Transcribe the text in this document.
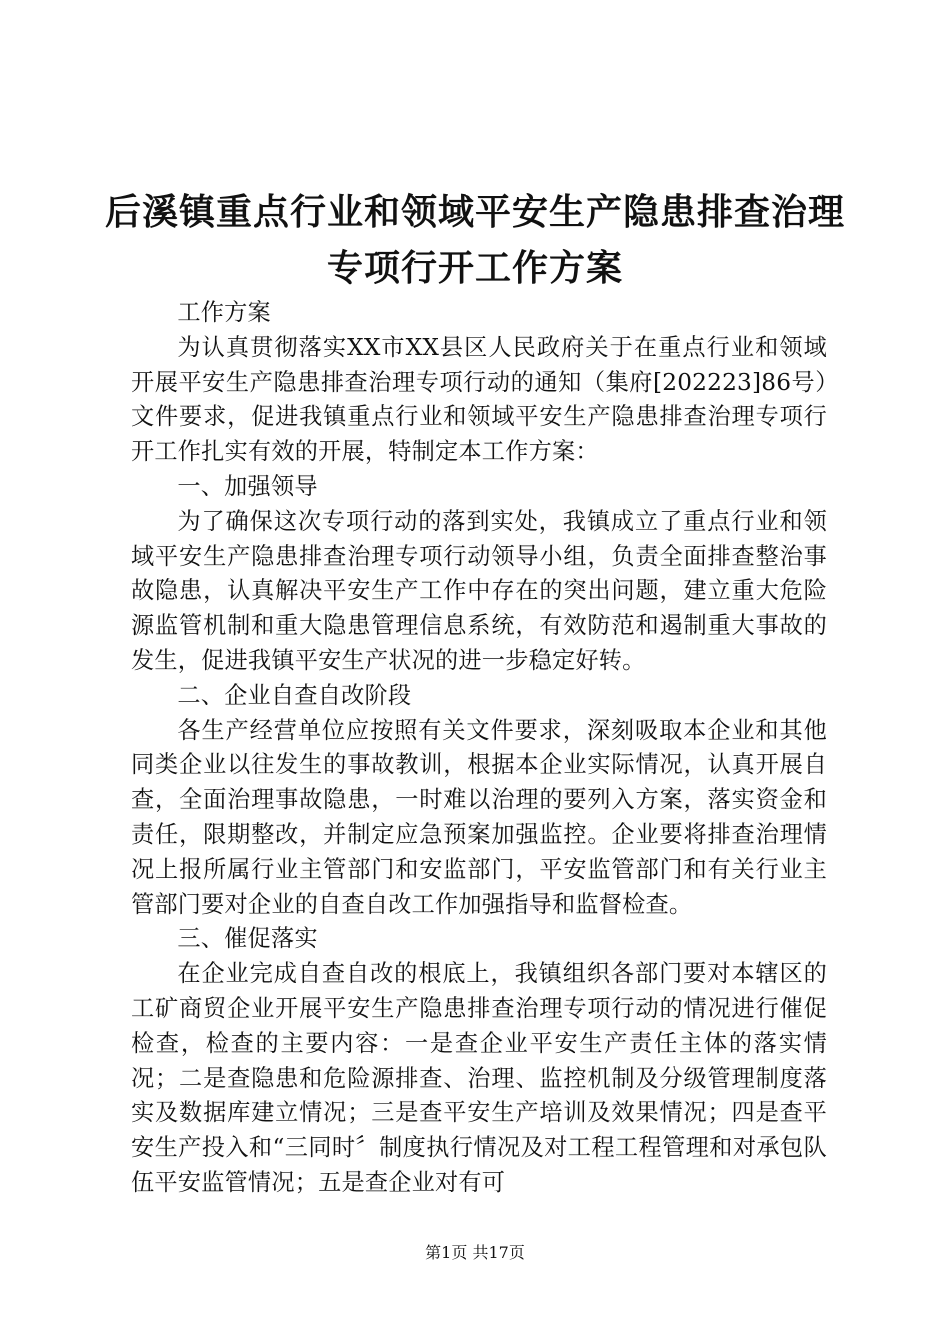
后溪镇重点行业和领域平安生产隐患排查治理
专项行开工作方案

工作方案

为认真贯彻落实XX市XX县区人民政府关于在重点行业和领域开展平安生产隐患排查治理专项行动的通知（集府[202223]86号）文件要求，促进我镇重点行业和领域平安生产隐患排查治理专项行开工作扎实有效的开展，特制定本工作方案：

一、加强领导

为了确保这次专项行动的落到实处，我镇成立了重点行业和领域平安生产隐患排查治理专项行动领导小组，负责全面排查整治事故隐患，认真解决平安生产工作中存在的突出问题，建立重大危险源监管机制和重大隐患管理信息系统，有效防范和遏制重大事故的发生，促进我镇平安生产状况的进一步稳定好转。

二、企业自查自改阶段

各生产经营单位应按照有关文件要求，深刻吸取本企业和其他同类企业以往发生的事故教训，根据本企业实际情况，认真开展自查，全面治理事故隐患，一时难以治理的要列入方案，落实资金和责任，限期整改，并制定应急预案加强监控。企业要将排查治理情况上报所属行业主管部门和安监部门，平安监管部门和有关行业主管部门要对企业的自查自改工作加强指导和监督检查。

三、催促落实

在企业完成自查自改的根底上，我镇组织各部门要对本辖区的工矿商贸企业开展平安生产隐患排查治理专项行动的情况进行催促检查，检查的主要内容：一是查企业平安生产责任主体的落实情况；二是查隐患和危险源排查、治理、监控机制及分级管理制度落实及数据库建立情况；三是查平安生产培训及效果情况；四是查平安生产投入和“三同时〞制度执行情况及对工程工程管理和对承包队伍平安监管情况；五是查企业对有可

第1页 共17页
